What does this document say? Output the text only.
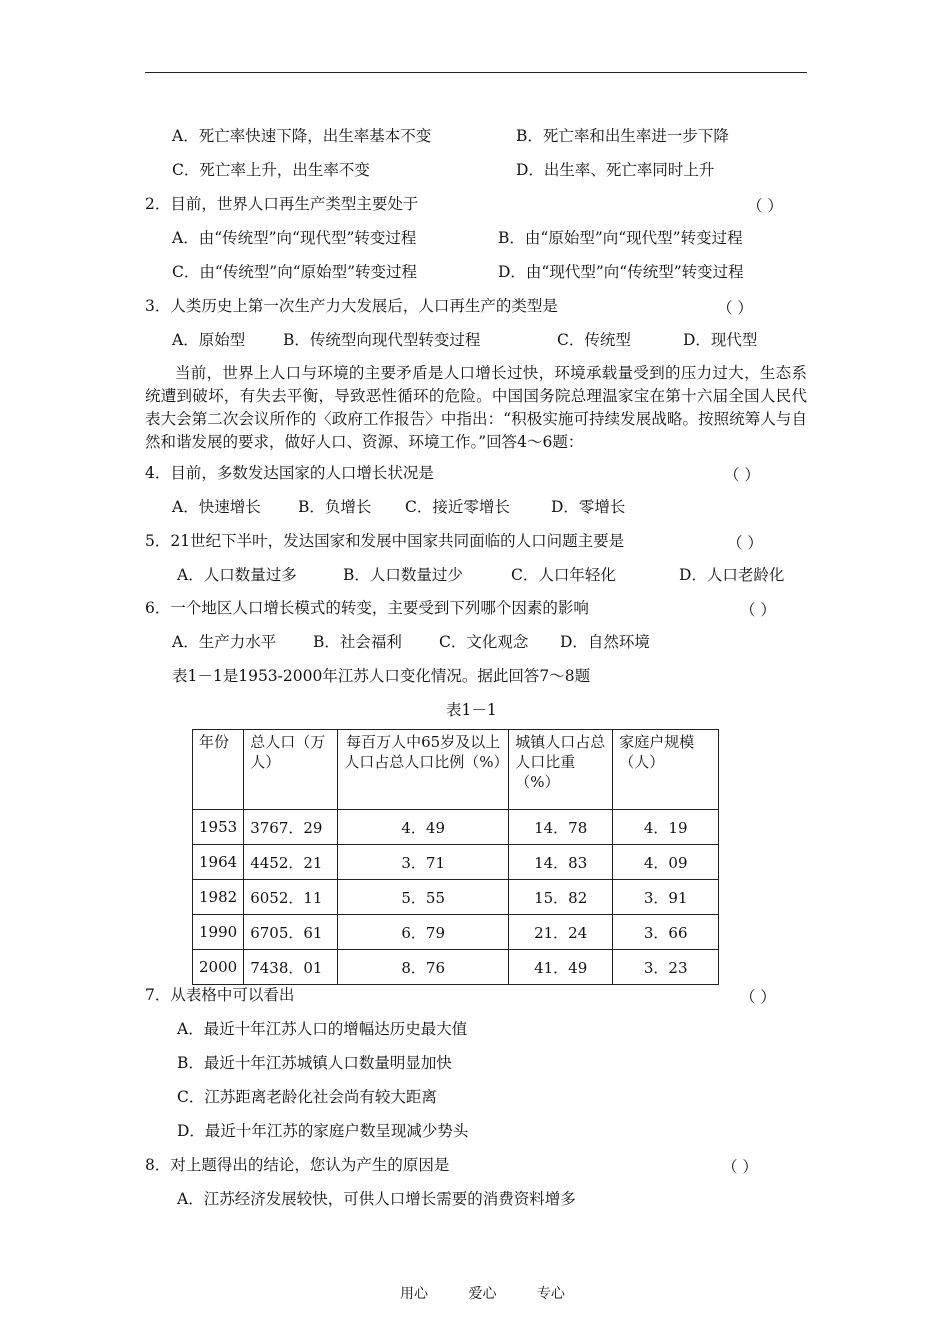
A．死亡率快速下降，出生率基本不变	B．死亡率和出生率进一步下降
C．死亡率上升，出生率不变	D．出生率、死亡率同时上升
2．目前，世界人口再生产类型主要处于	（ ）
A．由“传统型”向“现代型”转变过程	B．由“原始型”向“现代型”转变过程
C．由“传统型”向“原始型”转变过程	D．由“现代型”向“传统型”转变过程
3．人类历史上第一次生产力大发展后，人口再生产的类型是	（ ）
A．原始型 B．传统型向现代型转变过程	C．传统型	D．现代型
当前，世界上人口与环境的主要矛盾是人口增长过快，环境承载量受到的压力过大，生态系统遭到破坏，有失去平衡，导致恶性循环的危险。中国国务院总理温家宝在第十六届全国人民代表大会第二次会议所作的〈政府工作报告〉中指出：“积极实施可持续发展战略。按照统筹人与自然和谐发展的要求，做好人口、资源、环境工作。”回答4～6题：
4．目前，多数发达国家的人口增长状况是	（ ）
A．快速增长 B．负增长 C．接近零增长	D．零增长
5．21世纪下半叶，发达国家和发展中国家共同面临的人口问题主要是	（ ）
A．人口数量过多	B．人口数量过少	C．人口年轻化	D．人口老龄化
6．一个地区人口增长模式的转变，主要受到下列哪个因素的影响	（ ）
A．生产力水平 B．社会福利 C．文化观念 D．自然环境
表1－1是1953-2000年江苏人口变化情况。据此回答7～8题
表1－1
年份	总人口（万人）	每百万人中65岁及以上人口占总人口比例（%）	城镇人口占总人口比重（%）	家庭户规模（人）
1953	3767．29	4．49	14．78	4．19
1964	4452．21	3．71	14．83	4．09
1982	6052．11	5．55	15．82	3．91
1990	6705．61	6．79	21．24	3．66
2000	7438．01	8．76	41．49	3．23
7．从表格中可以看出	（ ）
A．最近十年江苏人口的增幅达历史最大值
B．最近十年江苏城镇人口数量明显加快
C．江苏距离老龄化社会尚有较大距离
D．最近十年江苏的家庭户数呈现减少势头
8．对上题得出的结论，您认为产生的原因是	（ ）
A．江苏经济发展较快，可供人口增长需要的消费资料增多
用心	爱心	专心
